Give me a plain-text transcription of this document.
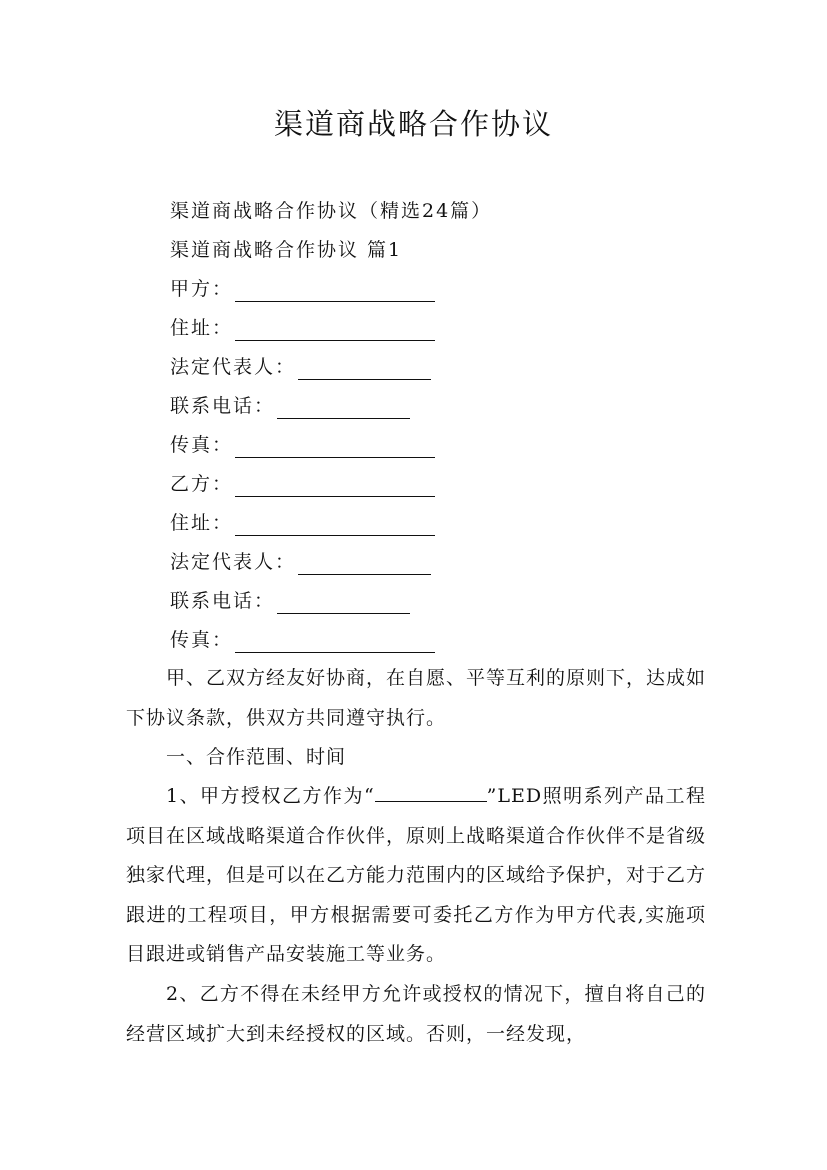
渠道商战略合作协议
渠道商战略合作协议（精选24篇）
渠道商战略合作协议 篇1
甲方：
住址：
法定代表人：
联系电话：
传真：
乙方：
住址：
法定代表人：
联系电话：
传真：
甲、乙双方经友好协商，在自愿、平等互利的原则下，达成如下协议条款，供双方共同遵守执行。
一、合作范围、时间
1、甲方授权乙方作为“	”LED照明系列产品工程项目在区域战略渠道合作伙伴，原则上战略渠道合作伙伴不是省级独家代理，但是可以在乙方能力范围内的区域给予保护，对于乙方跟进的工程项目，甲方根据需要可委托乙方作为甲方代表,实施项目跟进或销售产品安装施工等业务。
2、乙方不得在未经甲方允许或授权的情况下，擅自将自己的经营区域扩大到未经授权的区域。否则，一经发现，
